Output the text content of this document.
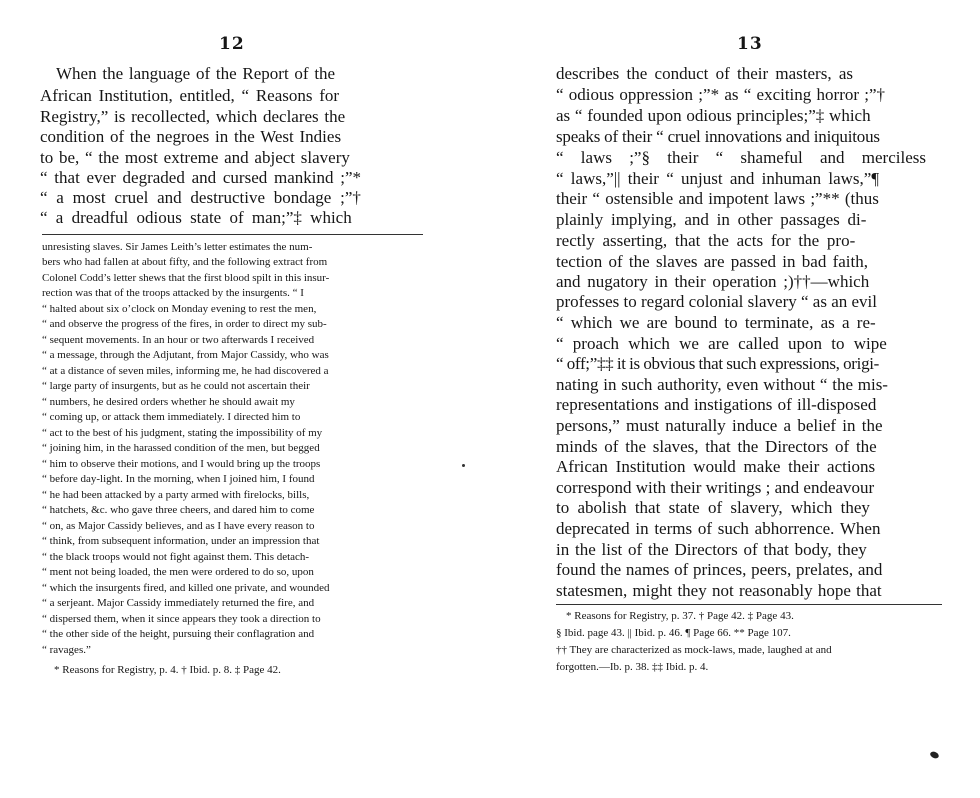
12

When the language of the Report of the

African Institution, entitled, “ Reasons for

Registry,” is recollected, which declares the

condition of the negroes in the West Indies

to be, “ the most extreme and abject slavery

“ that ever degraded and cursed mankind ;”*

“ a most cruel and destructive bondage ;”†

“ a dreadful odious state of man;”‡ which

unresisting slaves. Sir James Leith’s letter estimates the num-

bers who had fallen at about fifty, and the following extract from

Colonel Codd’s letter shews that the first blood spilt in this insur-

rection was that of the troops attacked by the insurgents. “ I

“ halted about six o’clock on Monday evening to rest the men,

“ and observe the progress of the fires, in order to direct my sub-

“ sequent movements. In an hour or two afterwards I received

“ a message, through the Adjutant, from Major Cassidy, who was

“ at a distance of seven miles, informing me, he had discovered a

“ large party of insurgents, but as he could not ascertain their

“ numbers, he desired orders whether he should await my

“ coming up, or attack them immediately. I directed him to

“ act to the best of his judgment, stating the impossibility of my

“ joining him, in the harassed condition of the men, but begged

“ him to observe their motions, and I would bring up the troops

“ before day-light. In the morning, when I joined him, I found

“ he had been attacked by a party armed with firelocks, bills,

“ hatchets, &c. who gave three cheers, and dared him to come

“ on, as Major Cassidy believes, and as I have every reason to

“ think, from subsequent information, under an impression that

“ the black troops would not fight against them. This detach-

“ ment not being loaded, the men were ordered to do so, upon

“ which the insurgents fired, and killed one private, and wounded

“ a serjeant. Major Cassidy immediately returned the fire, and

“ dispersed them, when it since appears they took a direction to

“ the other side of the height, pursuing their conflagration and

“ ravages.”

* Reasons for Registry, p. 4. † Ibid. p. 8. ‡ Page 42.

13

describes the conduct of their masters, as

“ odious oppression ;”* as “ exciting horror ;”†

as “ founded upon odious principles;”‡ which

speaks of their “ cruel innovations and iniquitous

“ laws ;”§ their “ shameful and merciless

“ laws,”|| their “ unjust and inhuman laws,”¶

their “ ostensible and impotent laws ;”** (thus

plainly implying, and in other passages di-

rectly asserting, that the acts for the pro-

tection of the slaves are passed in bad faith,

and nugatory in their operation ;)††—which

professes to regard colonial slavery “ as an evil

“ which we are bound to terminate, as a re-

“ proach which we are called upon to wipe

“ off;”‡‡ it is obvious that such expressions, origi-

nating in such authority, even without “ the mis-

representations and instigations of ill-disposed

persons,” must naturally induce a belief in the

minds of the slaves, that the Directors of the

African Institution would make their actions

correspond with their writings ; and endeavour

to abolish that state of slavery, which they

deprecated in terms of such abhorrence. When

in the list of the Directors of that body, they

found the names of princes, peers, prelates, and

statesmen, might they not reasonably hope that

* Reasons for Registry, p. 37. † Page 42. ‡ Page 43.

§ Ibid. page 43. || Ibid. p. 46. ¶ Page 66. ** Page 107.

†† They are characterized as mock-laws, made, laughed at and

forgotten.—Ib. p. 38. ‡‡ Ibid. p. 4.
